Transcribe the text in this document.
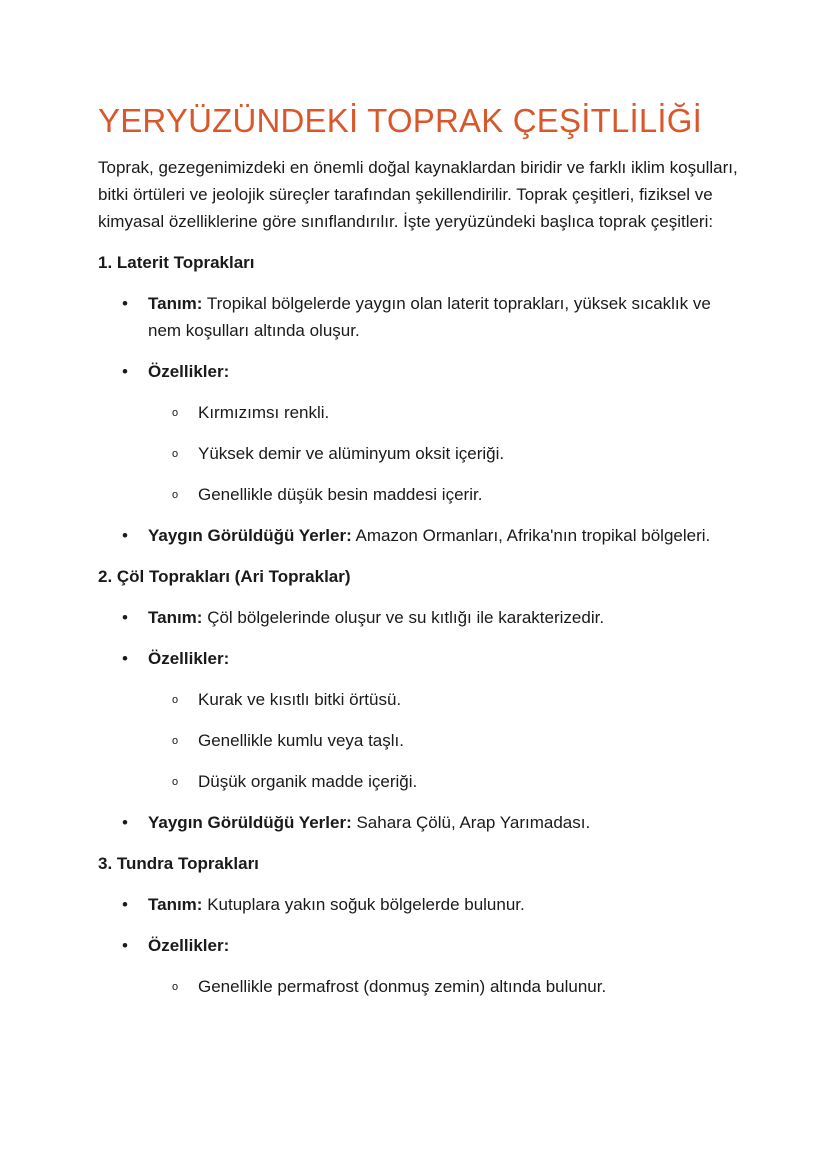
YERYÜZÜNDEKİ TOPRAK ÇEŞİTLİLİĞİ

Toprak, gezegenimizdeki en önemli doğal kaynaklardan biridir ve farklı iklim koşulları, bitki örtüleri ve jeolojik süreçler tarafından şekillendirilir. Toprak çeşitleri, fiziksel ve kimyasal özelliklerine göre sınıflandırılır. İşte yeryüzündeki başlıca toprak çeşitleri:

1. Laterit Toprakları
• Tanım: Tropikal bölgelerde yaygın olan laterit toprakları, yüksek sıcaklık ve nem koşulları altında oluşur.
• Özellikler:
o Kırmızımsı renkli.
o Yüksek demir ve alüminyum oksit içeriği.
o Genellikle düşük besin maddesi içerir.
• Yaygın Görüldüğü Yerler: Amazon Ormanları, Afrika'nın tropikal bölgeleri.
2. Çöl Toprakları (Ari Topraklar)
• Tanım: Çöl bölgelerinde oluşur ve su kıtlığı ile karakterizedir.
• Özellikler:
o Kurak ve kısıtlı bitki örtüsü.
o Genellikle kumlu veya taşlı.
o Düşük organik madde içeriği.
• Yaygın Görüldüğü Yerler: Sahara Çölü, Arap Yarımadası.
3. Tundra Toprakları
• Tanım: Kutuplara yakın soğuk bölgelerde bulunur.
• Özellikler:
o Genellikle permafrost (donmuş zemin) altında bulunur.
